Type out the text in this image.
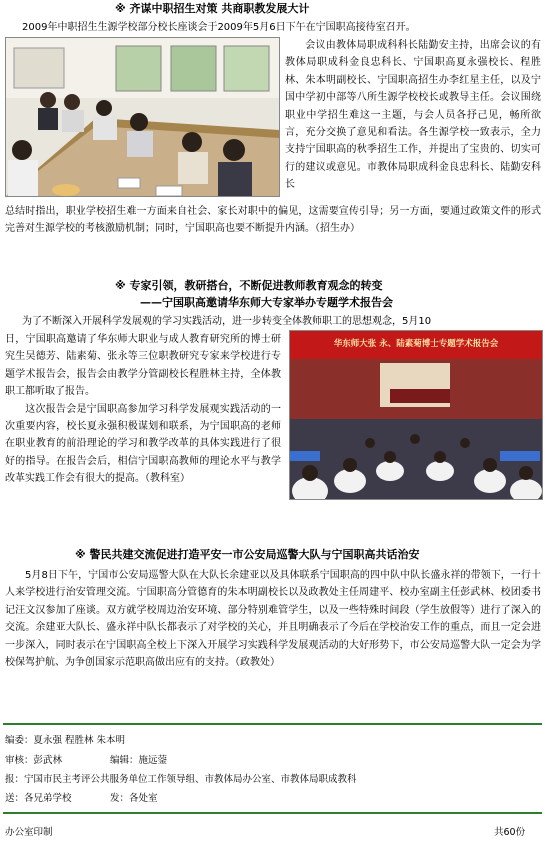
※ 齐谋中职招生对策 共商职教发展大计
2009年中职招生生源学校部分校长座谈会于2009年5月6日下午在宁国职高接待室召开。
会议由教体局职成科科长陆勤安主持，出席会议的有教体局职成科金良忠科长、宁国职高夏永强校长、程胜林、朱本明副校长、宁国职高招生办李红星主任，以及宁国中学初中部等八所生源学校校长或教导主任。会议围绕职业中学招生难这一主题，与会人员各抒己见，畅所欲言，充分交换了意见和看法。各生源学校一致表示，全力支持宁国职高的秋季招生工作，并提出了宝贵的、切实可行的建议或意见。市教体局职成科金良忠科长、陆勤安科长
总结时指出，职业学校招生难一方面来自社会、家长对职中的偏见，这需要宣传引导；另一方面，要通过政策文件的形式完善对生源学校的考核激励机制；同时，宁国职高也要不断提升内涵。（招生办）
※ 专家引领，教研搭台，不断促进教师教育观念的转变
——宁国职高邀请华东师大专家举办专题学术报告会
为了不断深入开展科学发展观的学习实践活动，进一步转变全体教师职工的思想观念，5月10
日，宁国职高邀请了华东师大职业与成人教育研究所的博士研究生吴德芳、陆素菊、张永等三位职教研究专家来学校进行专题学术报告会，报告会由教学分管副校长程胜林主持，全体教职工都听取了报告。
这次报告会是宁国职高参加学习科学发展观实践活动的一次重要内容，校长夏永强积极谋划和联系，为宁国职高的老师在职业教育的前沿理论的学习和教学改革的具体实践进行了很好的指导。在报告会后，相信宁国职高教师的理论水平与教学改革实践工作会有很大的提高。（教科室）
华东师大张 永、陆素菊博士专题学术报告会
※ 警民共建交流促进打造平安一市公安局巡警大队与宁国职高共话治安
5月8日下午，宁国市公安局巡警大队在大队长余建亚以及具体联系宁国职高的四中队中队长盛永祥的带领下，一行十人来学校进行治安管理交流。宁国职高分管德育的朱本明副校长以及政教处主任周建平、校办室副主任彭武林、校团委书记汪文汉参加了座谈。双方就学校周边治安环境、部分特别难管学生，以及一些特殊时间段（学生放假等）进行了深入的交流。余建亚大队长、盛永祥中队长都表示了对学校的关心，并且明确表示了今后在学校治安工作的重点，而且一定会进一步深入，同时表示在宁国职高全校上下深入开展学习实践科学发展观活动的大好形势下，市公安局巡警大队一定会为学校保驾护航、为争创国家示范职高做出应有的支持。（政教处）
编委：夏永强 程胜林 朱本明
审核：彭武林	编辑：施远蓥
报：宁国市民主考评公共服务单位工作领导组、市教体局办公室、市教体局职成教科
送：各兄弟学校	发：各处室
办公室印制	共60份
